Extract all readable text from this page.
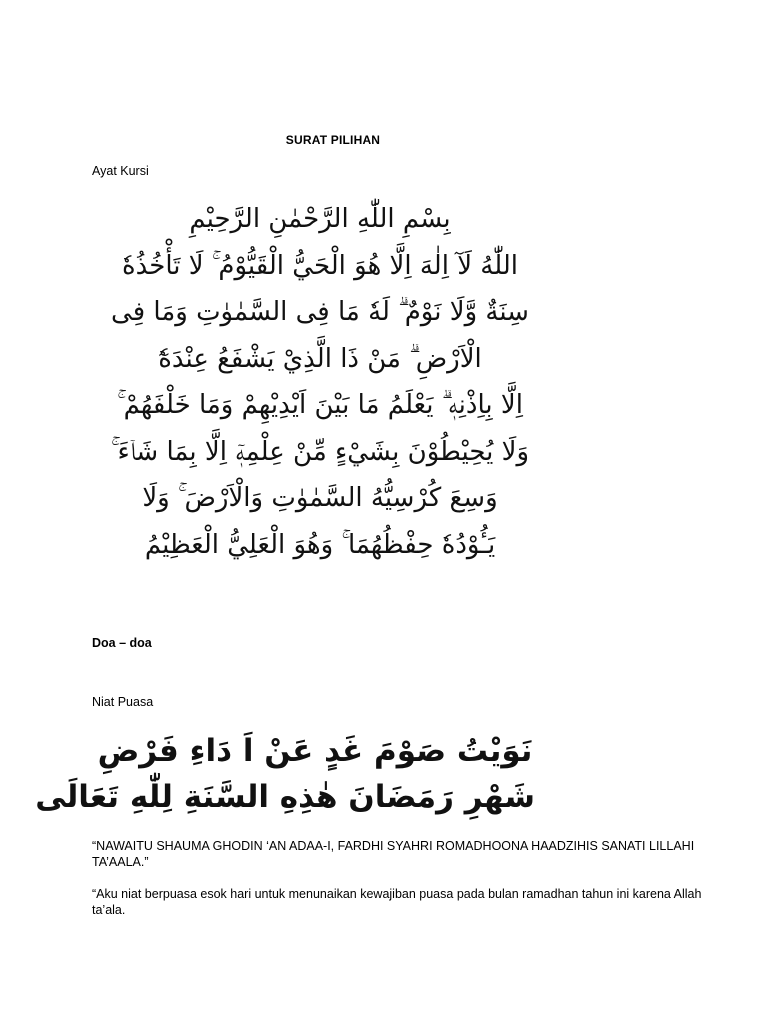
SURAT PILIHAN
Ayat Kursi
بِسْمِ اللّٰهِ الرَّحْمٰنِ الرَّحِيْمِ
اللّٰهُ لَآ اِلٰهَ اِلَّا هُوَ الْحَيُّ الْقَيُّوْمُ ۚ لَا تَأْخُذُهٗ
سِنَةٌ وَّلَا نَوْمٌ ۗ لَهٗ مَا فِى السَّمٰوٰتِ وَمَا فِى
الْاَرْضِ ۗ مَنْ ذَا الَّذِيْ يَشْفَعُ عِنْدَهٗٓ
اِلَّا بِاِذْنِهٖ ۗ يَعْلَمُ مَا بَيْنَ اَيْدِيْهِمْ وَمَا خَلْفَهُمْ ۚ
وَلَا يُحِيْطُوْنَ بِشَيْءٍ مِّنْ عِلْمِهٖٓ اِلَّا بِمَا شَاۤءَ ۚ
وَسِعَ كُرْسِيُّهُ السَّمٰوٰتِ وَالْاَرْضَ ۚ وَلَا
يَـُٔوْدُهٗ حِفْظُهُمَا ۚ وَهُوَ الْعَلِيُّ الْعَظِيْمُ
Doa – doa
Niat Puasa
نَوَيْتُ صَوْمَ غَدٍ عَنْ اَ دَاءِ فَرْضِ
شَهْرِ رَمَضَانَ هٰذِهِ السَّنَةِ لِلّٰهِ تَعَالَى

“NAWAITU SHAUMA GHODIN ‘AN ADAA-I, FARDHI SYAHRI ROMADHOONA HAADZIHIS SANATI LILLAHI TA’AALA.”

“Aku niat berpuasa esok hari untuk menunaikan kewajiban puasa pada bulan ramadhan tahun ini karena Allah ta’ala.
